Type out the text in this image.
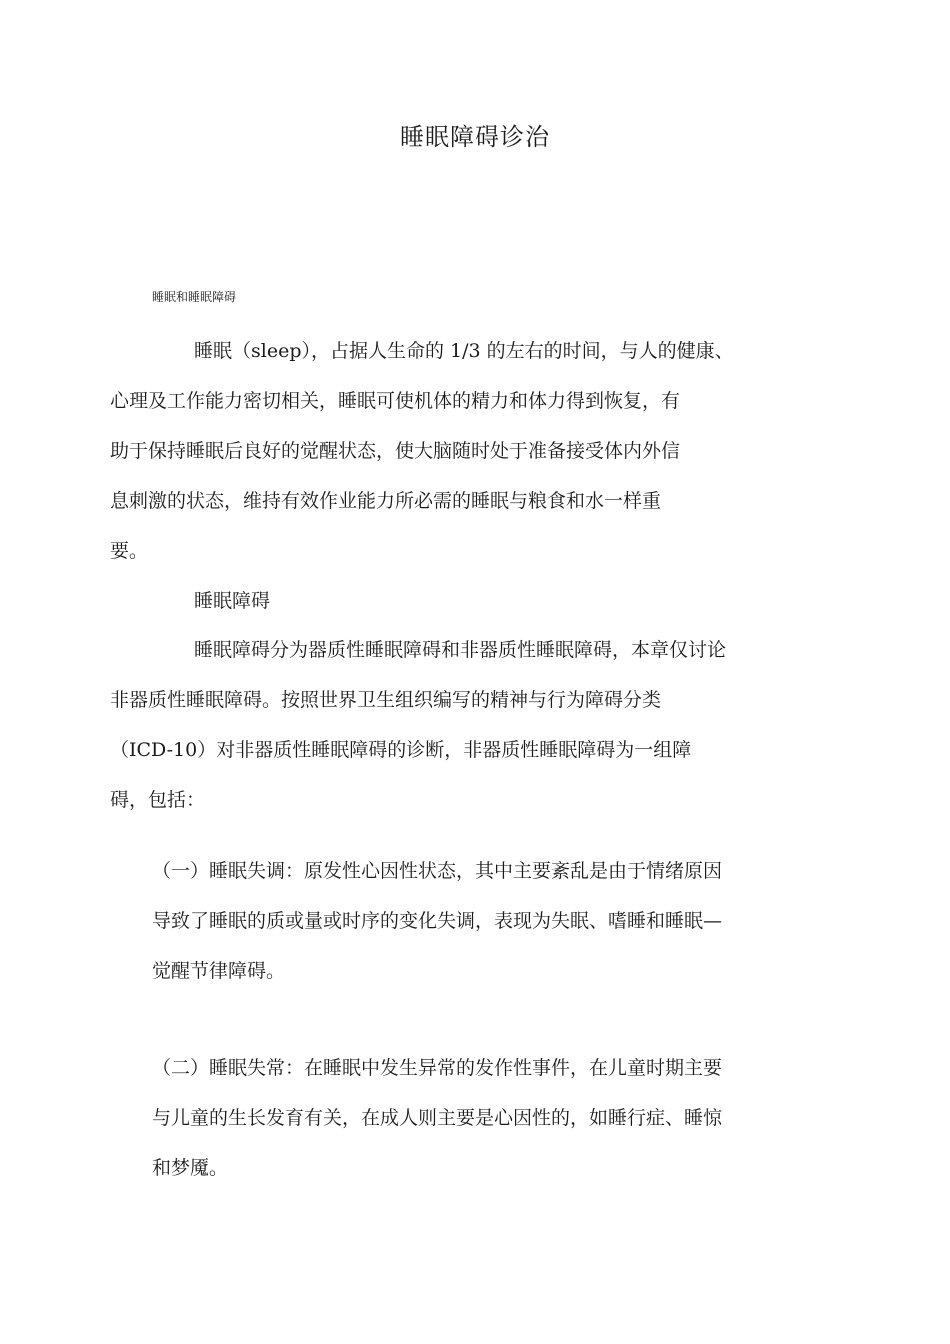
睡眠障碍诊治
睡眠和睡眠障碍
睡眠（sleep），占据人生命的 1/3 的左右的时间，与人的健康、
心理及工作能力密切相关，睡眠可使机体的精力和体力得到恢复，有
助于保持睡眠后良好的觉醒状态，使大脑随时处于准备接受体内外信
息刺激的状态，维持有效作业能力所必需的睡眠与粮食和水一样重
要。
睡眠障碍
睡眠障碍分为器质性睡眠障碍和非器质性睡眠障碍，本章仅讨论
非器质性睡眠障碍。按照世界卫生组织编写的精神与行为障碍分类
（ICD-10）对非器质性睡眠障碍的诊断，非器质性睡眠障碍为一组障
碍，包括：
（一）睡眠失调：原发性心因性状态，其中主要紊乱是由于情绪原因
导致了睡眠的质或量或时序的变化失调，表现为失眠、嗜睡和睡眠—
觉醒节律障碍。
（二）睡眠失常：在睡眠中发生异常的发作性事件，在儿童时期主要
与儿童的生长发育有关，在成人则主要是心因性的，如睡行症、睡惊
和梦魇。
